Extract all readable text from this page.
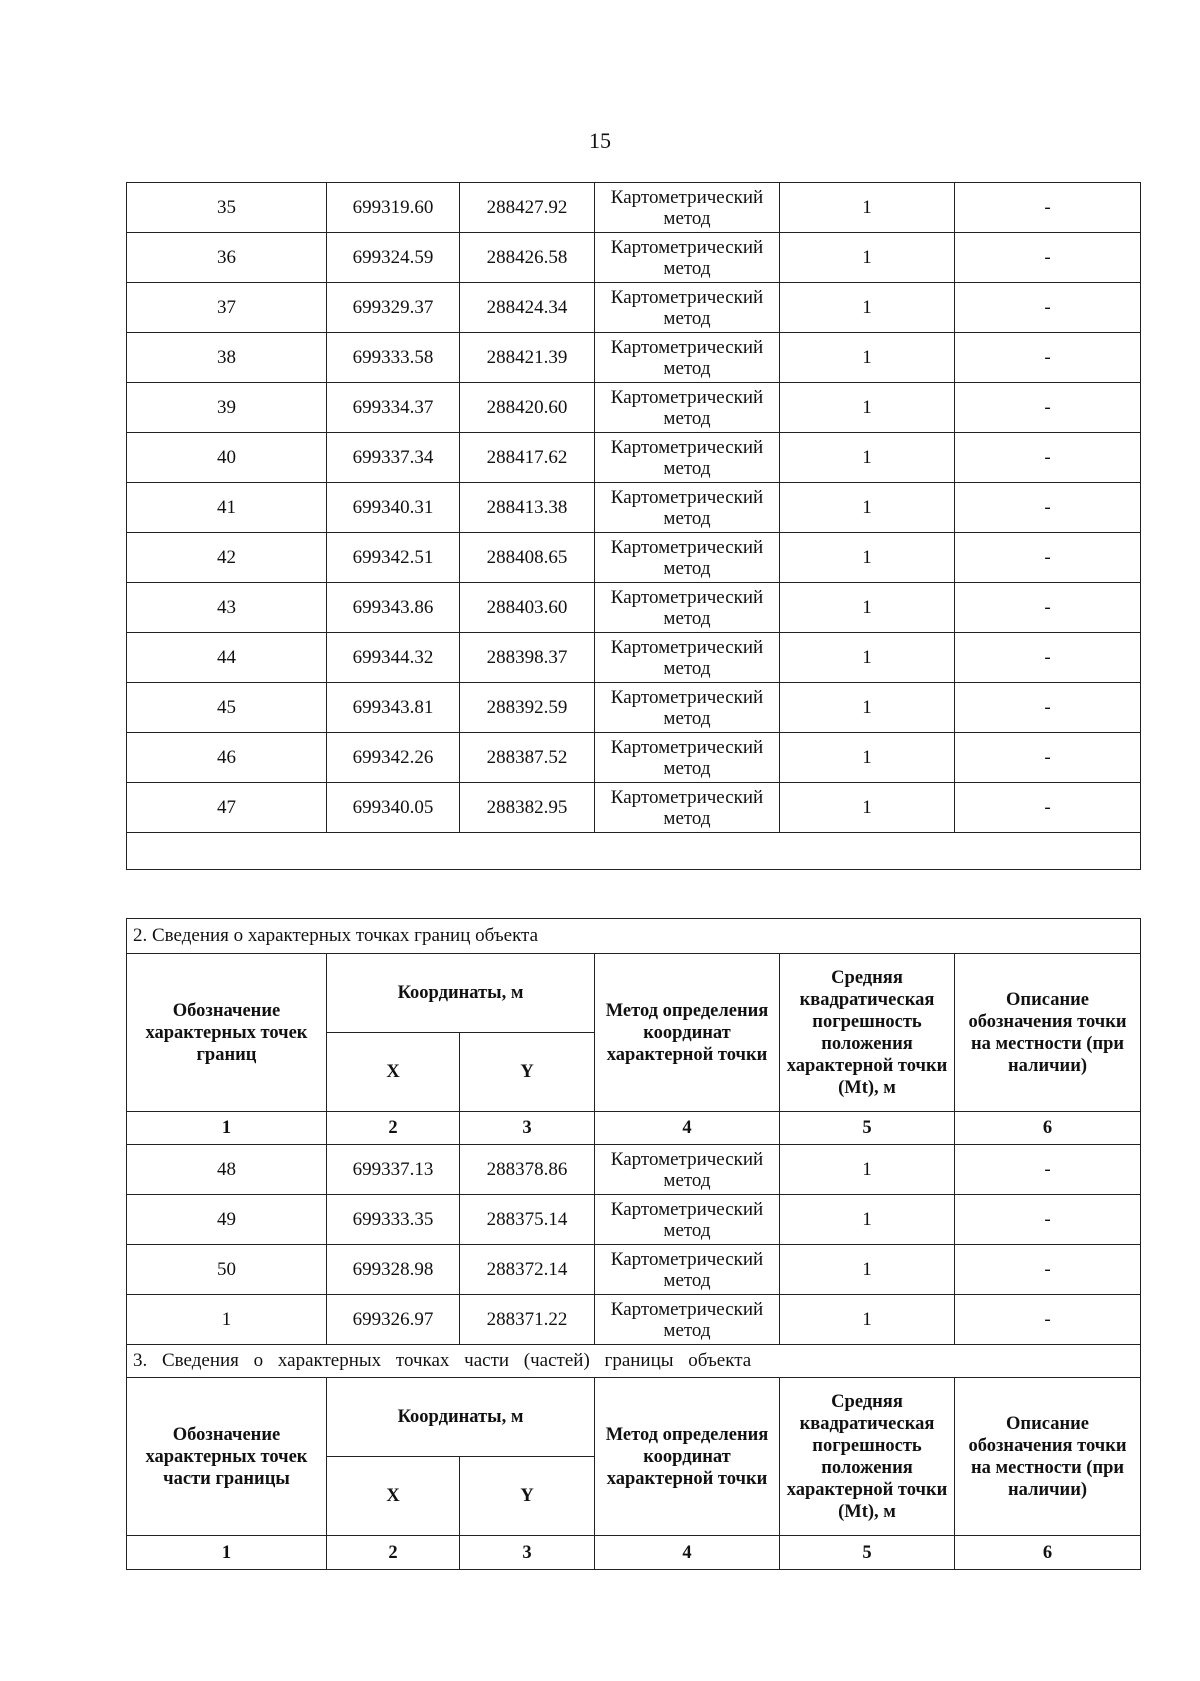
15
35	699319.60	288427.92	Картометрический метод	1	-
36	699324.59	288426.58	Картометрический метод	1	-
37	699329.37	288424.34	Картометрический метод	1	-
38	699333.58	288421.39	Картометрический метод	1	-
39	699334.37	288420.60	Картометрический метод	1	-
40	699337.34	288417.62	Картометрический метод	1	-
41	699340.31	288413.38	Картометрический метод	1	-
42	699342.51	288408.65	Картометрический метод	1	-
43	699343.86	288403.60	Картометрический метод	1	-
44	699344.32	288398.37	Картометрический метод	1	-
45	699343.81	288392.59	Картометрический метод	1	-
46	699342.26	288387.52	Картометрический метод	1	-
47	699340.05	288382.95	Картометрический метод	1	-

2. Сведения о характерных точках границ объекта					
Обозначение характерных точек границ	Координаты, м		Метод определения координат характерной точки	Средняя квадратическая погрешность положения характерной точки (Mt), м	Описание обозначения точки на местности (при наличии)
	X	Y			
1	2	3	4	5	6
48	699337.13	288378.86	Картометрический метод	1	-
49	699333.35	288375.14	Картометрический метод	1	-
50	699328.98	288372.14	Картометрический метод	1	-
1	699326.97	288371.22	Картометрический метод	1	-
3. Сведения о характерных точках части (частей) границы объекта					
Обозначение характерных точек части границы	Координаты, м		Метод определения координат характерной точки	Средняя квадратическая погрешность положения характерной точки (Mt), м	Описание обозначения точки на местности (при наличии)
	X	Y			
1	2	3	4	5	6
